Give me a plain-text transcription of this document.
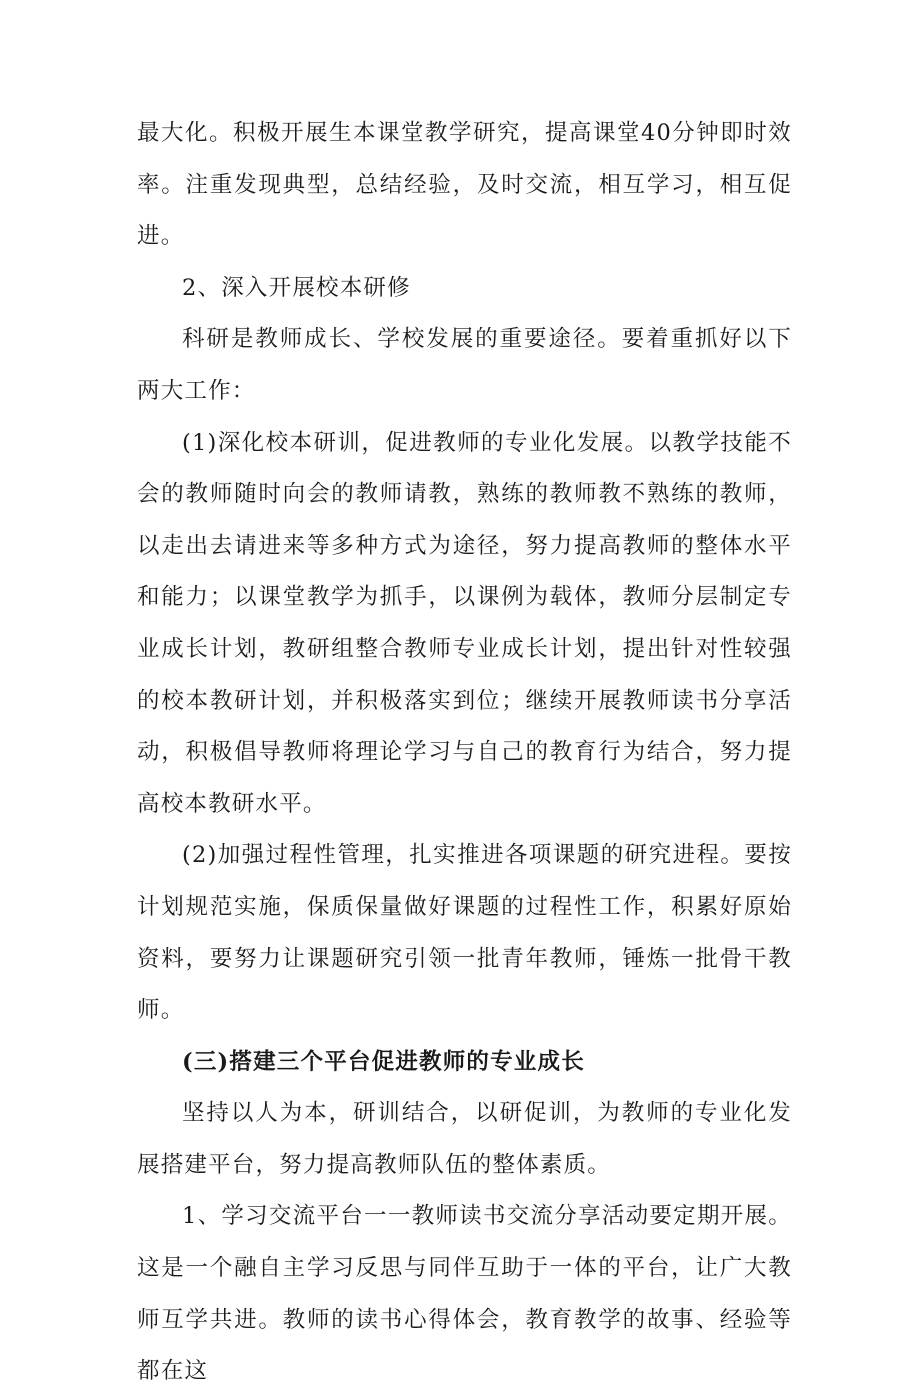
最大化。积极开展生本课堂教学研究，提高课堂40分钟即时效率。注重发现典型，总结经验，及时交流，相互学习，相互促进。

2、深入开展校本研修

科研是教师成长、学校发展的重要途径。要着重抓好以下两大工作：

(1)深化校本研训，促进教师的专业化发展。以教学技能不会的教师随时向会的教师请教，熟练的教师教不熟练的教师，以走出去请进来等多种方式为途径，努力提高教师的整体水平和能力；以课堂教学为抓手，以课例为载体，教师分层制定专业成长计划，教研组整合教师专业成长计划，提出针对性较强的校本教研计划，并积极落实到位；继续开展教师读书分享活动，积极倡导教师将理论学习与自己的教育行为结合，努力提高校本教研水平。

(2)加强过程性管理，扎实推进各项课题的研究进程。要按计划规范实施，保质保量做好课题的过程性工作，积累好原始资料，要努力让课题研究引领一批青年教师，锤炼一批骨干教师。

(三)搭建三个平台促进教师的专业成长

坚持以人为本，研训结合，以研促训，为教师的专业化发展搭建平台，努力提高教师队伍的整体素质。

1、学习交流平台一一教师读书交流分享活动要定期开展。这是一个融自主学习反思与同伴互助于一体的平台，让广大教师互学共进。教师的读书心得体会，教育教学的故事、经验等都在这
